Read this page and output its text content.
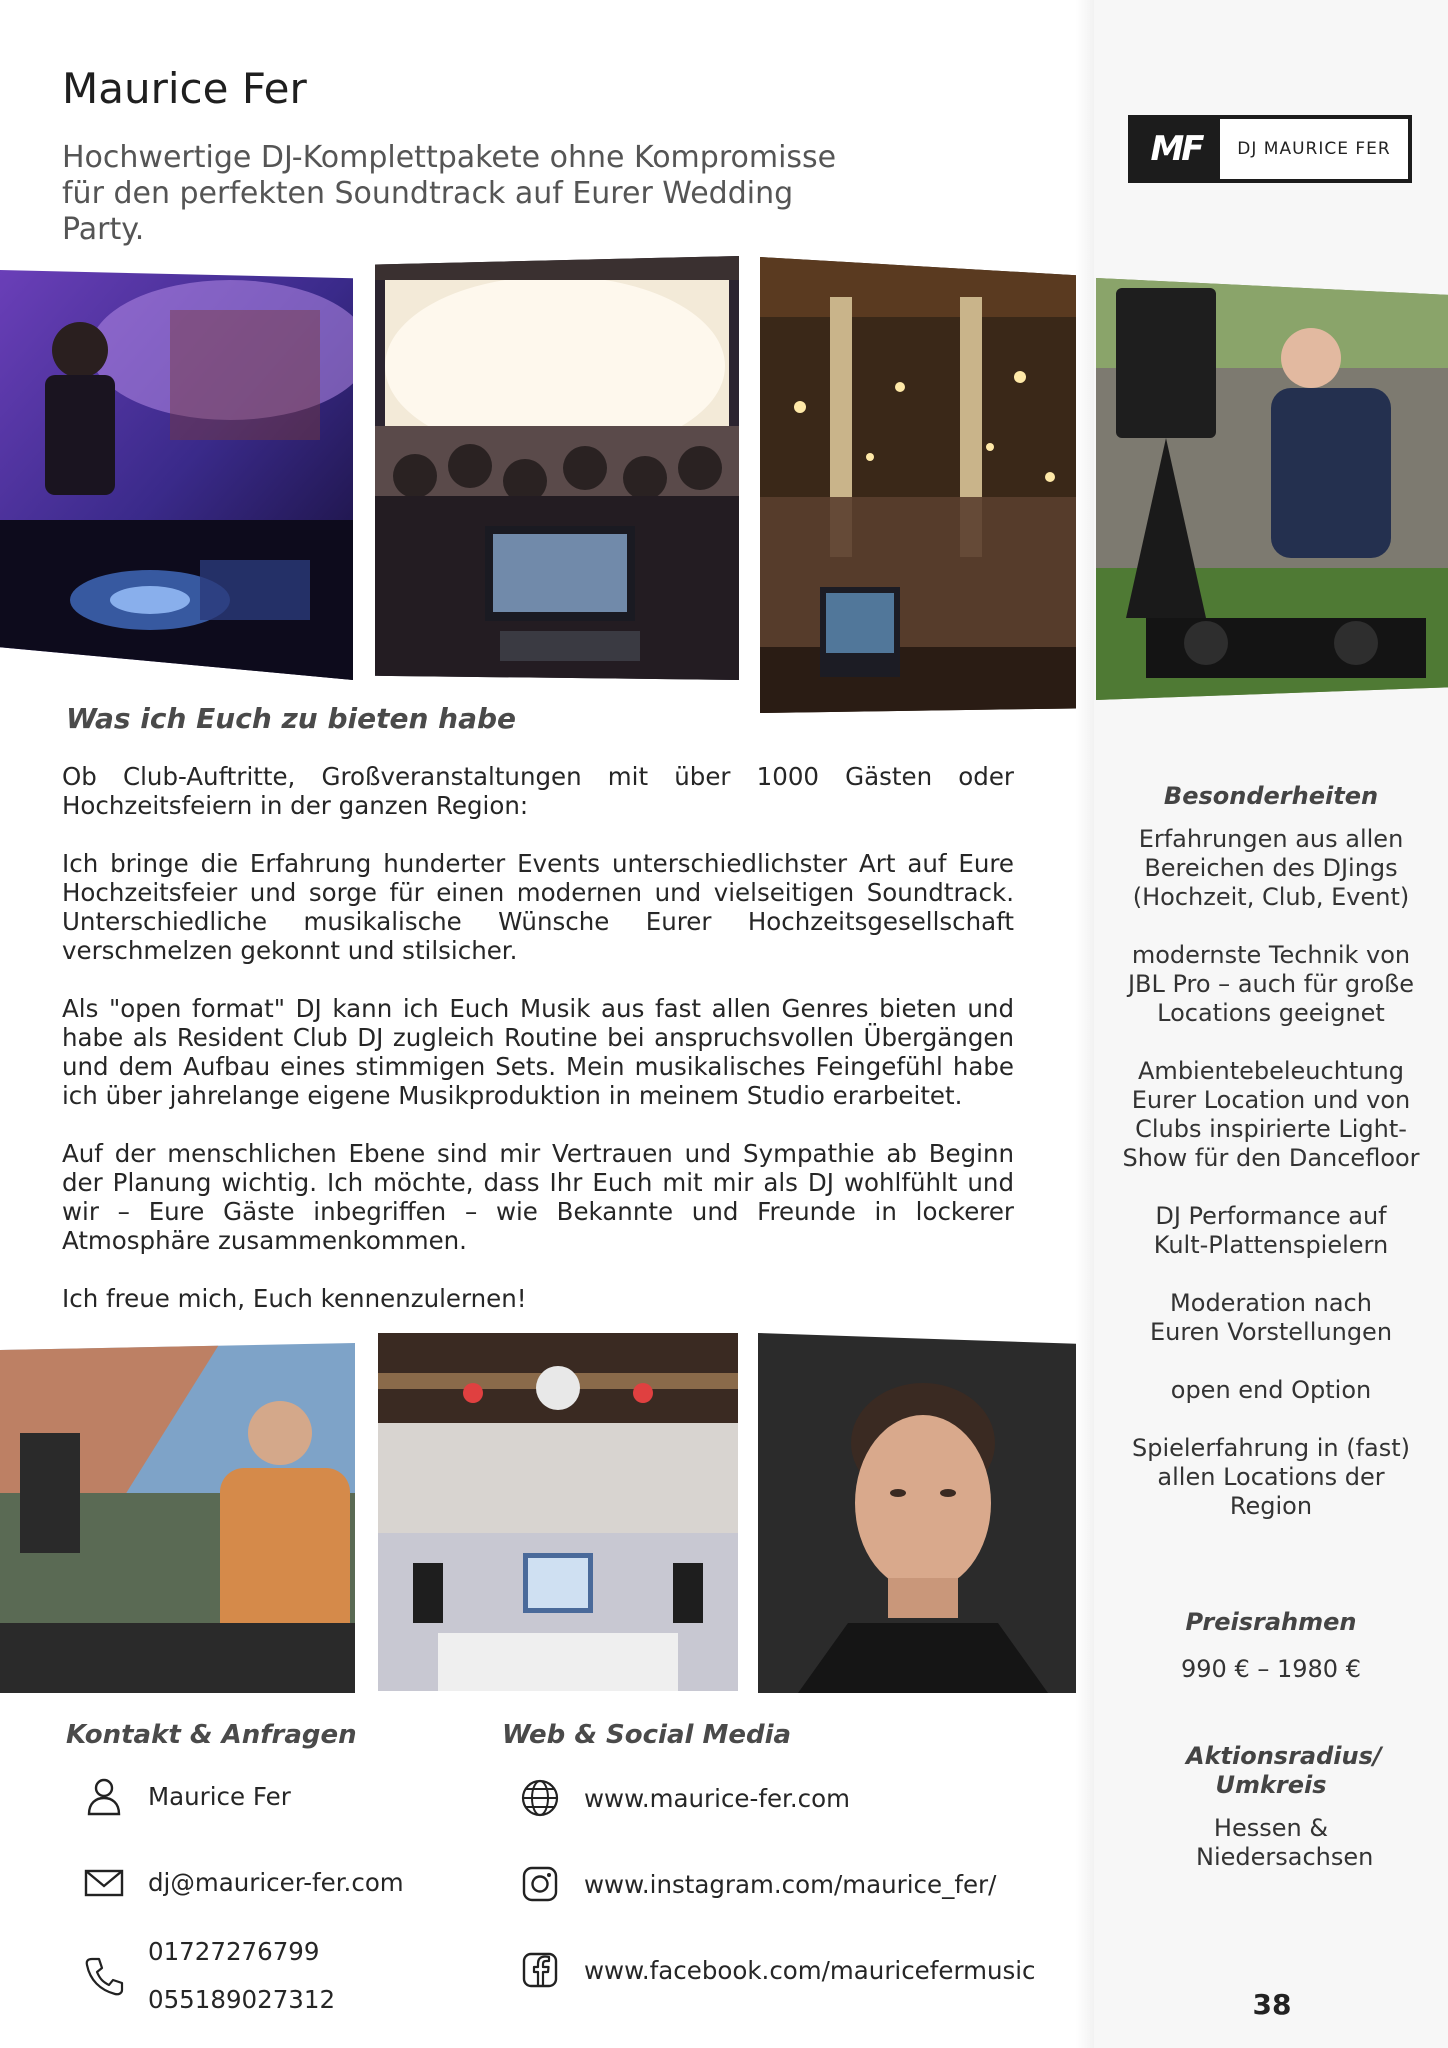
Maurice Fer
Hochwertige DJ-Komplettpakete ohne Kompromisse für den perfekten Soundtrack auf Eurer Wedding Party.
MF	DJ MAURICE FER
Was ich Euch zu bieten habe

Ob Club-Auftritte, Großveranstaltungen mit über 1000 Gästen oder Hochzeitsfeiern in der ganzen Region:

Ich bringe die Erfahrung hunderter Events unterschiedlichster Art auf Eure Hochzeitsfeier und sorge für einen modernen und vielseitigen Soundtrack. Unterschiedliche musikalische Wünsche Eurer Hochzeitsgesellschaft verschmelzen gekonnt und stilsicher.

Als "open format" DJ kann ich Euch Musik aus fast allen Genres bieten und habe als Resident Club DJ zugleich Routine bei anspruchsvollen Übergängen und dem Aufbau eines stimmigen Sets. Mein musikalisches Feingefühl habe ich über jahrelange eigene Musikproduktion in meinem Studio erarbeitet.

Auf der menschlichen Ebene sind mir Vertrauen und Sympathie ab Beginn der Planung wichtig. Ich möchte, dass Ihr Euch mit mir als DJ wohlfühlt und wir – Eure Gäste inbegriffen – wie Bekannte und Freunde in lockerer Atmosphäre zusammenkommen.

Ich freue mich, Euch kennenzulernen!

Besonderheiten
Erfahrungen aus allen Bereichen des DJings (Hochzeit, Club, Event)
modernste Technik von JBL Pro – auch für große Locations geeignet
Ambientebeleuchtung Eurer Location und von Clubs inspirierte Light-Show für den Dancefloor
DJ Performance auf Kult-Plattenspielern
Moderation nach Euren Vorstellungen
open end Option
Spielerfahrung in (fast) allen Locations der Region
Preisrahmen
990 € – 1980 €
Aktionsradius/ Umkreis
Hessen & Niedersachsen
Kontakt & Anfragen	Web & Social Media
Maurice Fer
dj@mauricer-fer.com
01727276799
055189027312
www.maurice-fer.com
www.instagram.com/maurice_fer/
www.facebook.com/mauricefermusic
38
